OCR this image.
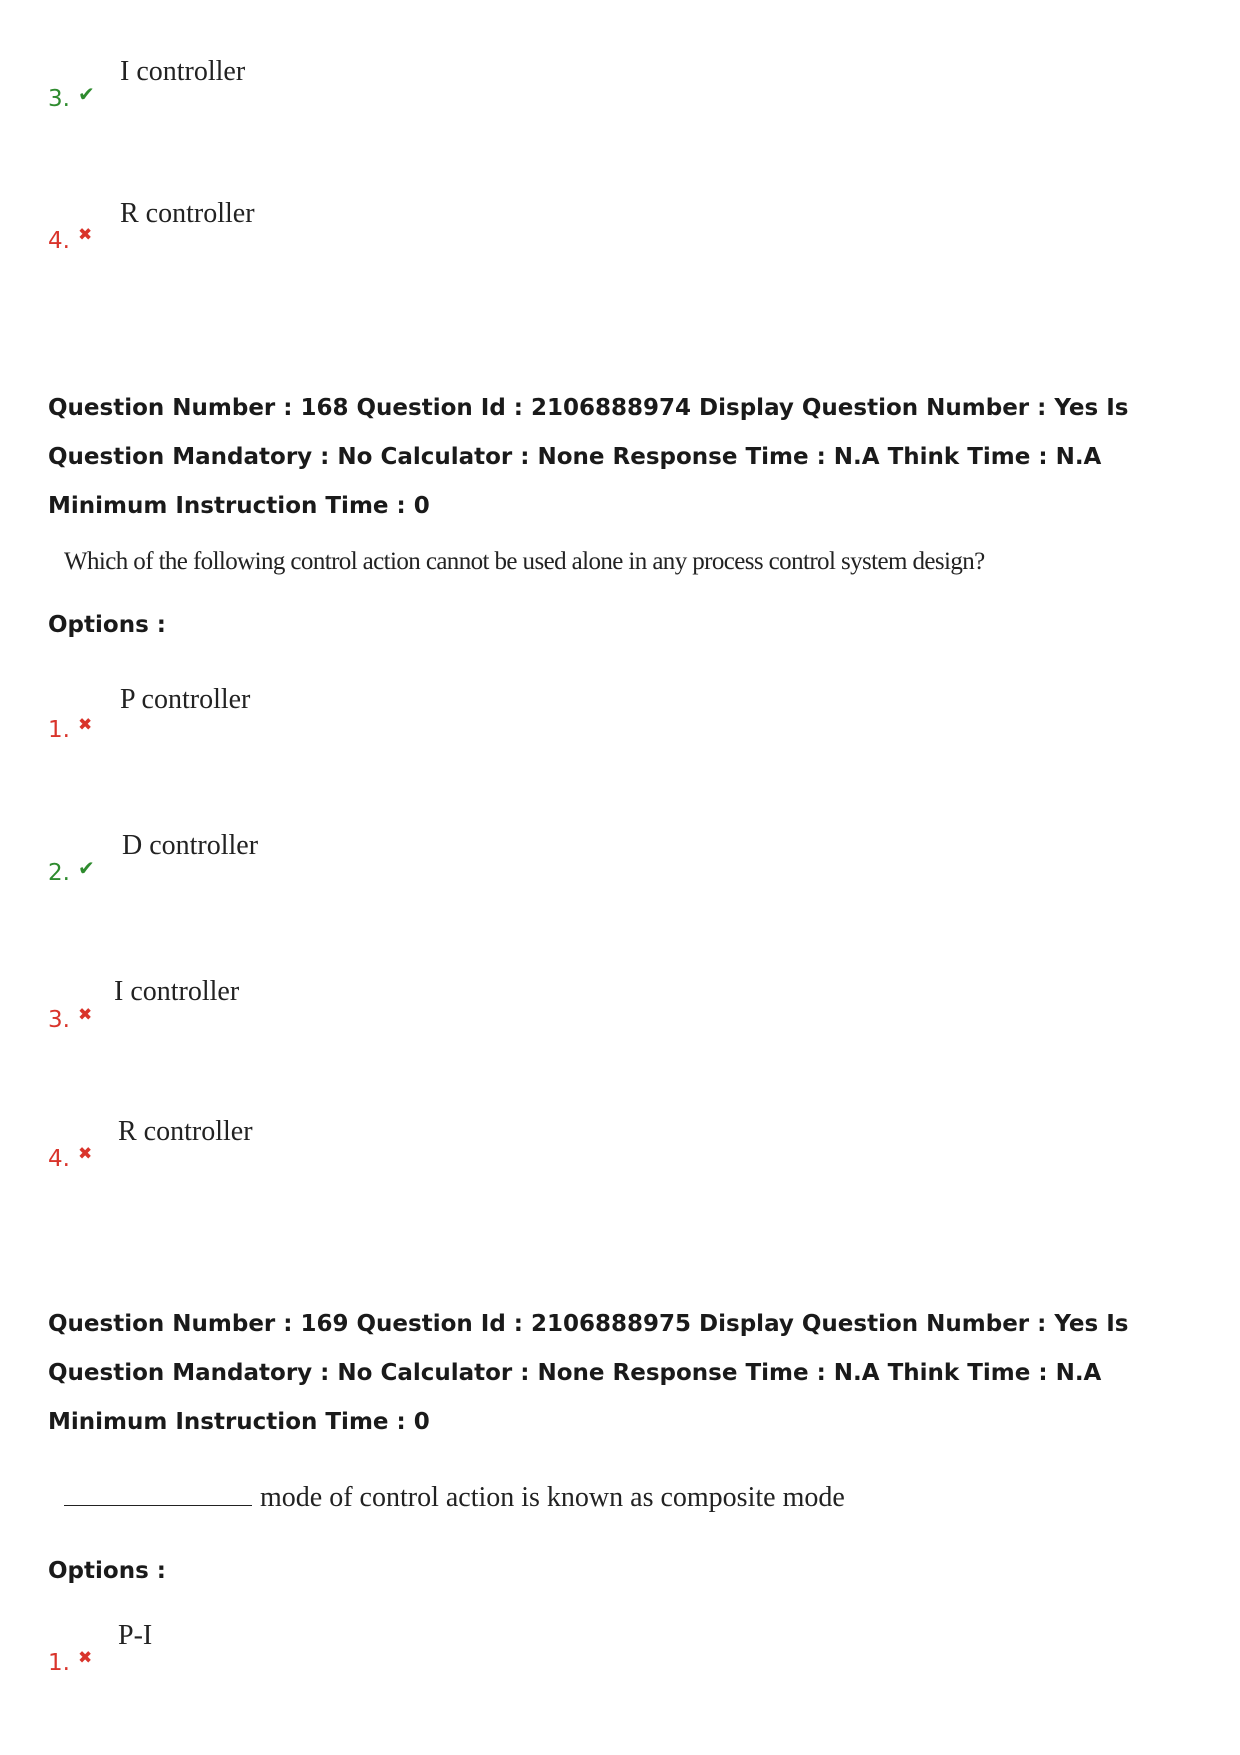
3. ✔
I controller
4. ✖
R controller
Question Number : 168 Question Id : 2106888974 Display Question Number : Yes Is Question Mandatory : No Calculator : None Response Time : N.A Think Time : N.A Minimum Instruction Time : 0
Which of the following control action cannot be used alone in any process control system design?
Options :
1. ✖
P controller
2. ✔
D controller
3. ✖
I controller
4. ✖
R controller
Question Number : 169 Question Id : 2106888975 Display Question Number : Yes Is Question Mandatory : No Calculator : None Response Time : N.A Think Time : N.A Minimum Instruction Time : 0
mode of control action is known as composite mode
Options :
1. ✖
P-I
